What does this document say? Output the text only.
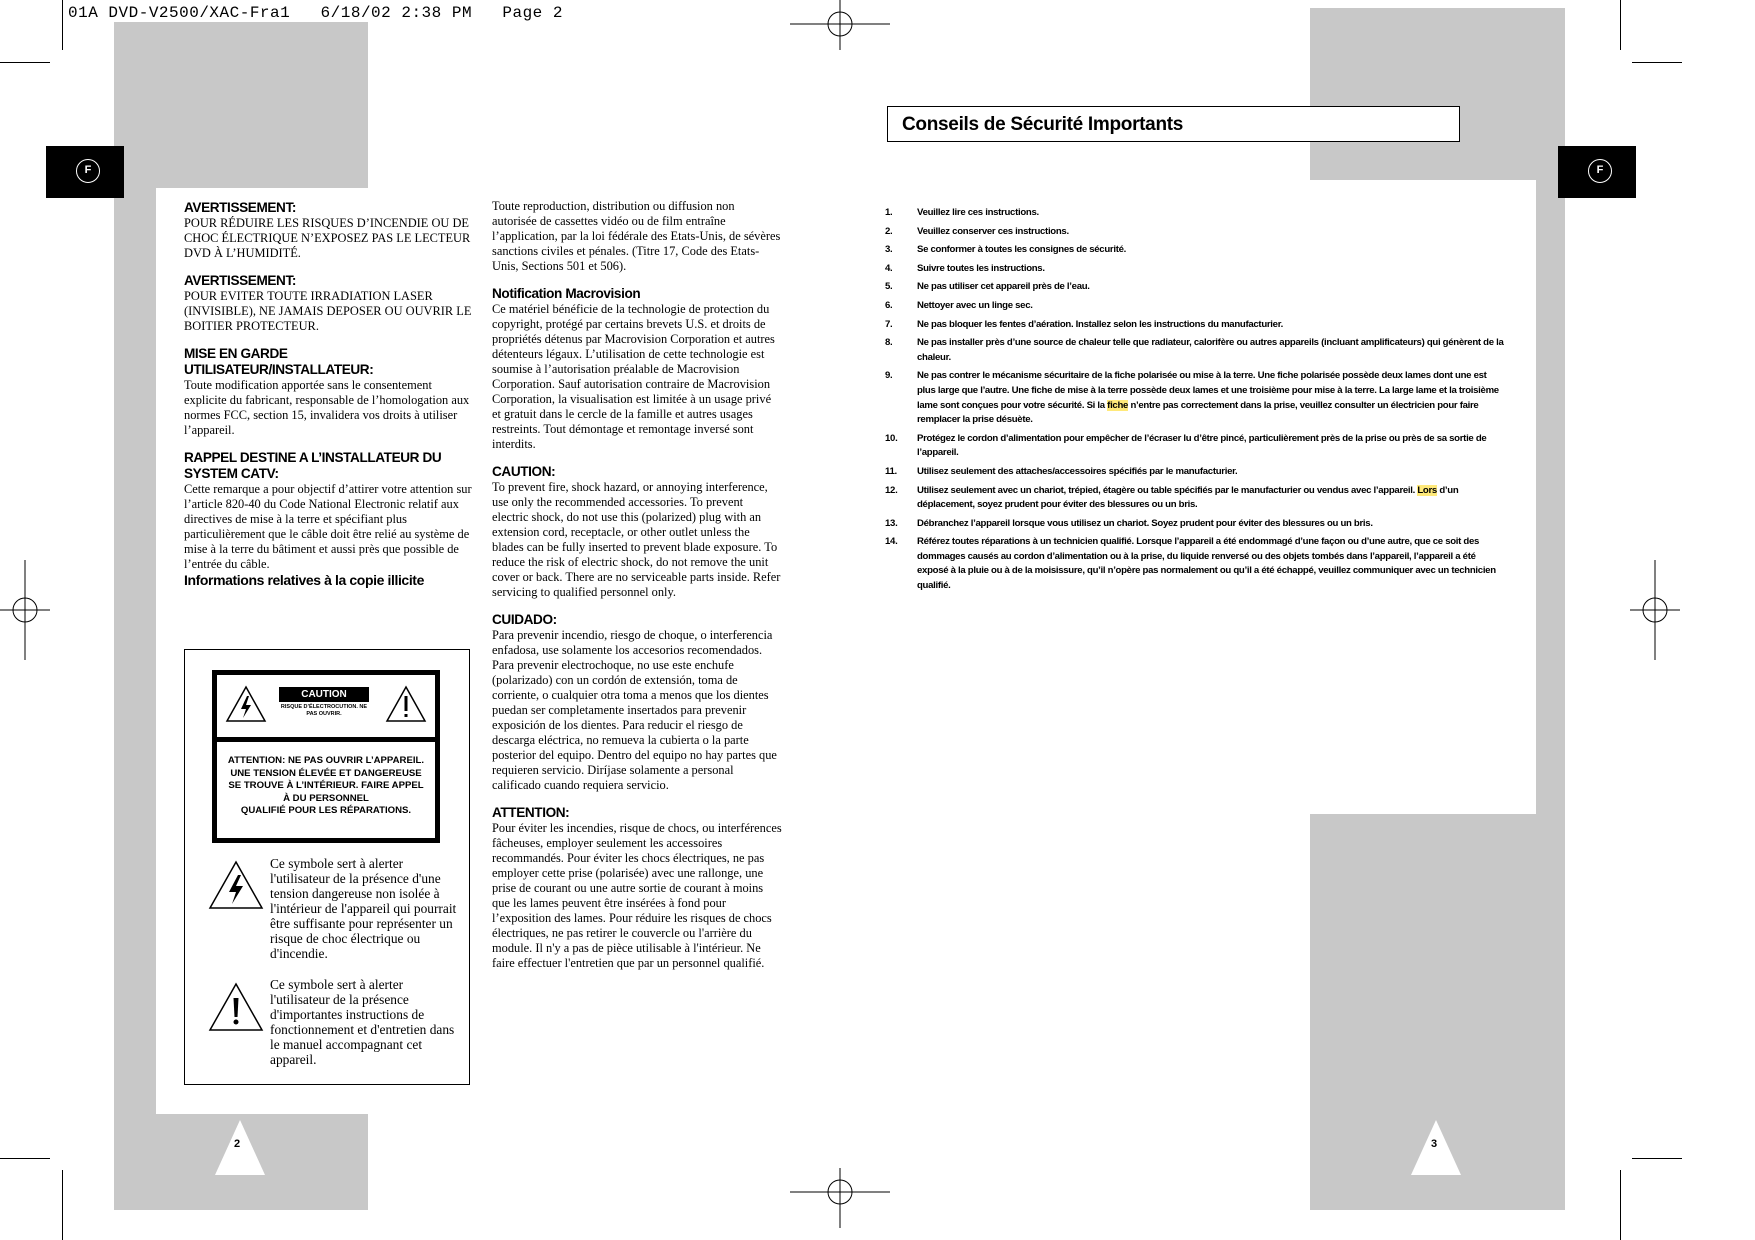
01A DVD-V2500/XAC-Fra1   6/18/02 2:38 PM   Page 2
F	F
AVERTISSEMENT:
POUR RÉDUIRE LES RISQUES D’INCENDIE OU DE CHOC ÉLECTRIQUE N’EXPOSEZ PAS LE LECTEUR DVD À L’HUMIDITÉ.
AVERTISSEMENT:
POUR EVITER TOUTE IRRADIATION LASER (INVISIBLE), NE JAMAIS DEPOSER OU OUVRIR LE BOITIER PROTECTEUR.
MISE EN GARDE UTILISATEUR/INSTALLATEUR:
Toute modification apportée sans le consentement explicite du fabricant, responsable de l’homologation aux normes FCC, section 15, invalidera vos droits à utiliser l’appareil.
RAPPEL DESTINE A L’INSTALLATEUR DU SYSTEM CATV:
Cette remarque a pour objectif d’attirer votre attention sur l’article 820-40 du Code National Electronic relatif aux directives de mise à la terre et spécifiant plus particulièrement que le câble doit être relié au système de mise à la terre du bâtiment et aussi près que possible de l’entrée du câble.
Informations relatives à la copie illicite
Toute reproduction, distribution ou diffusion non autorisée de cassettes vidéo ou de film entraîne l’application, par la loi fédérale des Etats-Unis, de sévères sanctions civiles et pénales. (Titre 17, Code des Etats-Unis, Sections 501 et 506).
Notification Macrovision
Ce matériel bénéficie de la technologie de protection du copyright, protégé par certains brevets U.S. et droits de propriétés détenus par Macrovision Corporation et autres détenteurs légaux. L’utilisation de cette technologie est soumise à l’autorisation préalable de Macrovision Corporation. Sauf autorisation contraire de Macrovision Corporation, la visualisation est limitée à un usage privé et gratuit dans le cercle de la famille et autres usages restreints. Tout démontage et remontage inversé sont interdits.
CAUTION:
To prevent fire, shock hazard, or annoying interference, use only the recommended accessories. To prevent electric shock, do not use this (polarized) plug with an extension cord, receptacle, or other outlet unless the blades can be fully inserted to prevent blade exposure. To reduce the risk of electric shock, do not remove the unit cover or back. There are no serviceable parts inside. Refer servicing to qualified personnel only.
CUIDADO:
Para prevenir incendio, riesgo de choque, o interferencia enfadosa, use solamente los accesorios recomendados. Para prevenir electrochoque, no use este enchufe (polarizado) con un cordón de extensión, toma de corriente, o cualquier otra toma a menos que los dientes puedan ser completamente insertados para prevenir exposición de los dientes. Para reducir el riesgo de descarga eléctrica, no remueva la cubierta o la parte posterior del equipo. Dentro del equipo no hay partes que requieren servicio. Diríjase solamente a personal calificado cuando requiera servicio.
ATTENTION:
Pour éviter les incendies, risque de chocs, ou interférences fâcheuses, employer seulement les accessoires recommandés. Pour éviter les chocs électriques, ne pas employer cette prise (polarisée) avec une rallonge, une prise de courant ou une autre sortie de courant à moins que les lames peuvent être insérées à fond pour l’exposition des lames. Pour réduire les risques de chocs électriques, ne pas retirer le couvercle ou l'arrière du module. Il n'y a pas de pièce utilisable à l'intérieur. Ne faire effectuer l'entretien que par un personnel qualifié.
CAUTION
RISQUE D’ÉLECTROCUTION. NE PAS OUVRIR.
ATTENTION: NE PAS OUVRIR L’APPAREIL.
UNE TENSION ÉLEVÉE ET DANGEREUSE
SE TROUVE À L’INTÉRIEUR. FAIRE APPEL
À DU PERSONNEL
QUALIFIÉ POUR LES RÉPARATIONS.
Ce symbole sert à alerter l'utilisateur de la présence d'une tension dangereuse non isolée à l'intérieur de l'appareil qui pourrait être suffisante pour représenter un risque de choc électrique ou d'incendie.
Ce symbole sert à alerter l'utilisateur de la présence d'importantes instructions de fonctionnement et d'entretien dans le manuel accompagnant cet appareil.
2
Conseils de Sécurité Importants
1.	Veuillez lire ces instructions.
2.	Veuillez conserver ces instructions.
3.	Se conformer à toutes les consignes de sécurité.
4.	Suivre toutes les instructions.
5.	Ne pas utiliser cet appareil près de l’eau.
6.	Nettoyer avec un linge sec.
7.	Ne pas bloquer les fentes d’aération. Installez selon les instructions du manufacturier.
8.	Ne pas installer près d’une source de chaleur telle que radiateur, calorifère ou autres appareils (incluant amplificateurs) qui génèrent de la chaleur.
9.	Ne pas contrer le mécanisme sécuritaire de la fiche polarisée ou mise à la terre. Une fiche polarisée possède deux lames dont une est plus large que l’autre. Une fiche de mise à la terre possède deux lames et une troisième pour mise à la terre. La large lame et la troisième lame sont conçues pour votre sécurité. Si la fiche n’entre pas correctement dans la prise, veuillez consulter un électricien pour faire remplacer la prise désuète.
10.	Protégez le cordon d’alimentation pour empêcher de l’écraser lu d’être pincé, particulièrement près de la prise ou près de sa sortie de l’appareil.
11.	Utilisez seulement des attaches/accessoires spécifiés par le manufacturier.
12.	Utilisez seulement avec un chariot, trépied, étagère ou table spécifiés par le manufacturier ou vendus avec l’appareil. Lors d’un déplacement, soyez prudent pour éviter des blessures ou un bris.
13.	Débranchez l’appareil lorsque vous utilisez un chariot. Soyez prudent pour éviter des blessures ou un bris.
14.	Référez toutes réparations à un technicien qualifié. Lorsque l’appareil a été endommagé d’une façon ou d’une autre, que ce soit des dommages causés au cordon d’alimentation ou à la prise, du liquide renversé ou des objets tombés dans l’appareil, l’appareil a été exposé à la pluie ou à de la moisissure, qu’il n’opère pas normalement ou qu’il a été échappé, veuillez communiquer avec un technicien qualifié.
3
